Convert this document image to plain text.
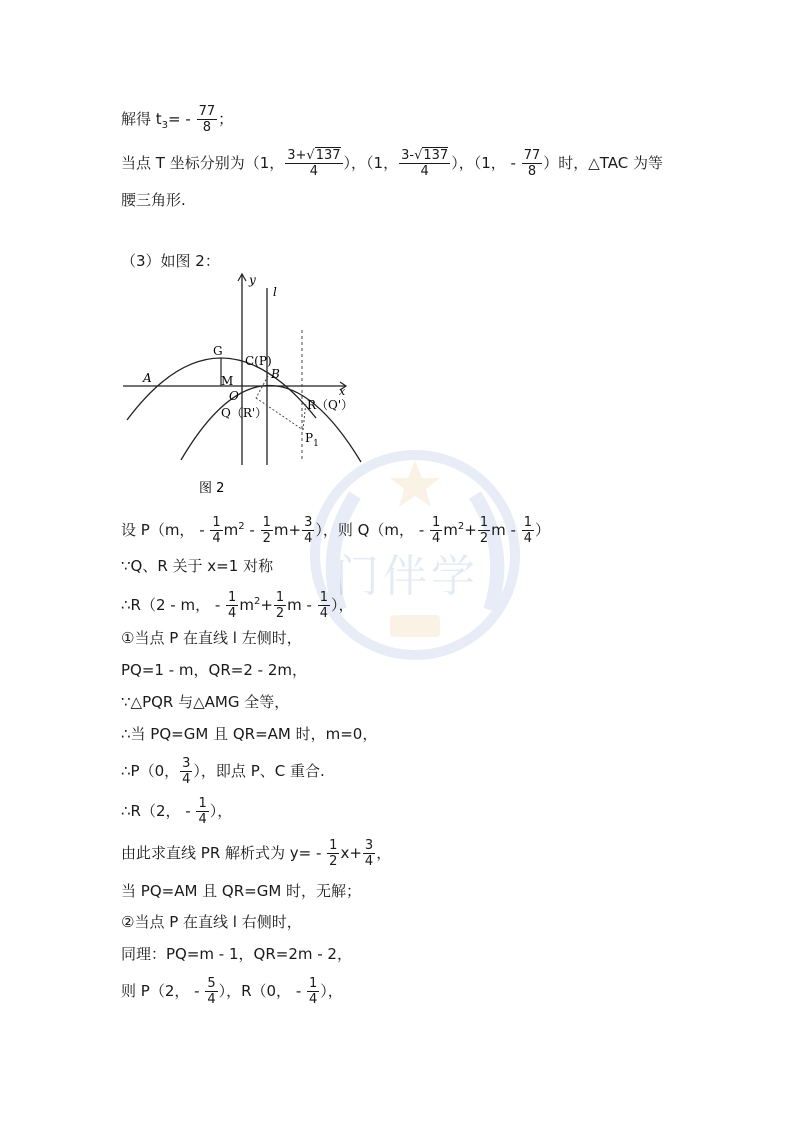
解得 $t_3= - \frac{77}{8}$ ；
当点 T 坐标分别为（1， $\frac{3+√137}{4}$ ），（1， $\frac{3-√137}{4}$ ），（1， - $\frac{77}{8}$ ）时，△TAC 为等
腰三角形.
（3）如图 2：
y
l
x
G
A	M
C(P)
B
O
Q（R'）
R（Q'）
$P_1$
图 2
门伴学
设 P（m， - $\frac{1}{4} m^2 - \frac{1}{2} m+ \frac{3}{4}$ ），则 Q（m， - $\frac{1}{4} m^2+ \frac{1}{2}$ m - $\frac{1}{4}$ ）
∵Q、R 关于 x=1 对称
∴R（2 - m， - $\frac{1}{4} m^2+ \frac{1}{2}$ m - $\frac{1}{4}$ ），
①当点 P 在直线 l 左侧时，
PQ=1 - m，QR=2 - 2m，
∵△PQR 与△AMG 全等，
∴当 PQ=GM 且 QR=AM 时，m=0，
∴P（0， $\frac{3}{4}$ ），即点 P、C 重合.
∴R（2， - $\frac{1}{4}$ ），
由此求直线 PR 解析式为 $y= - \frac{1}{2} x+ \frac{3}{4}$ ，
当 PQ=AM 且 QR=GM 时，无解；
②当点 P 在直线 l 右侧时，
同理：PQ=m - 1，QR=2m - 2，
则 P（2， - $\frac{5}{4}$ ），R（0， - $\frac{1}{4}$ ），
